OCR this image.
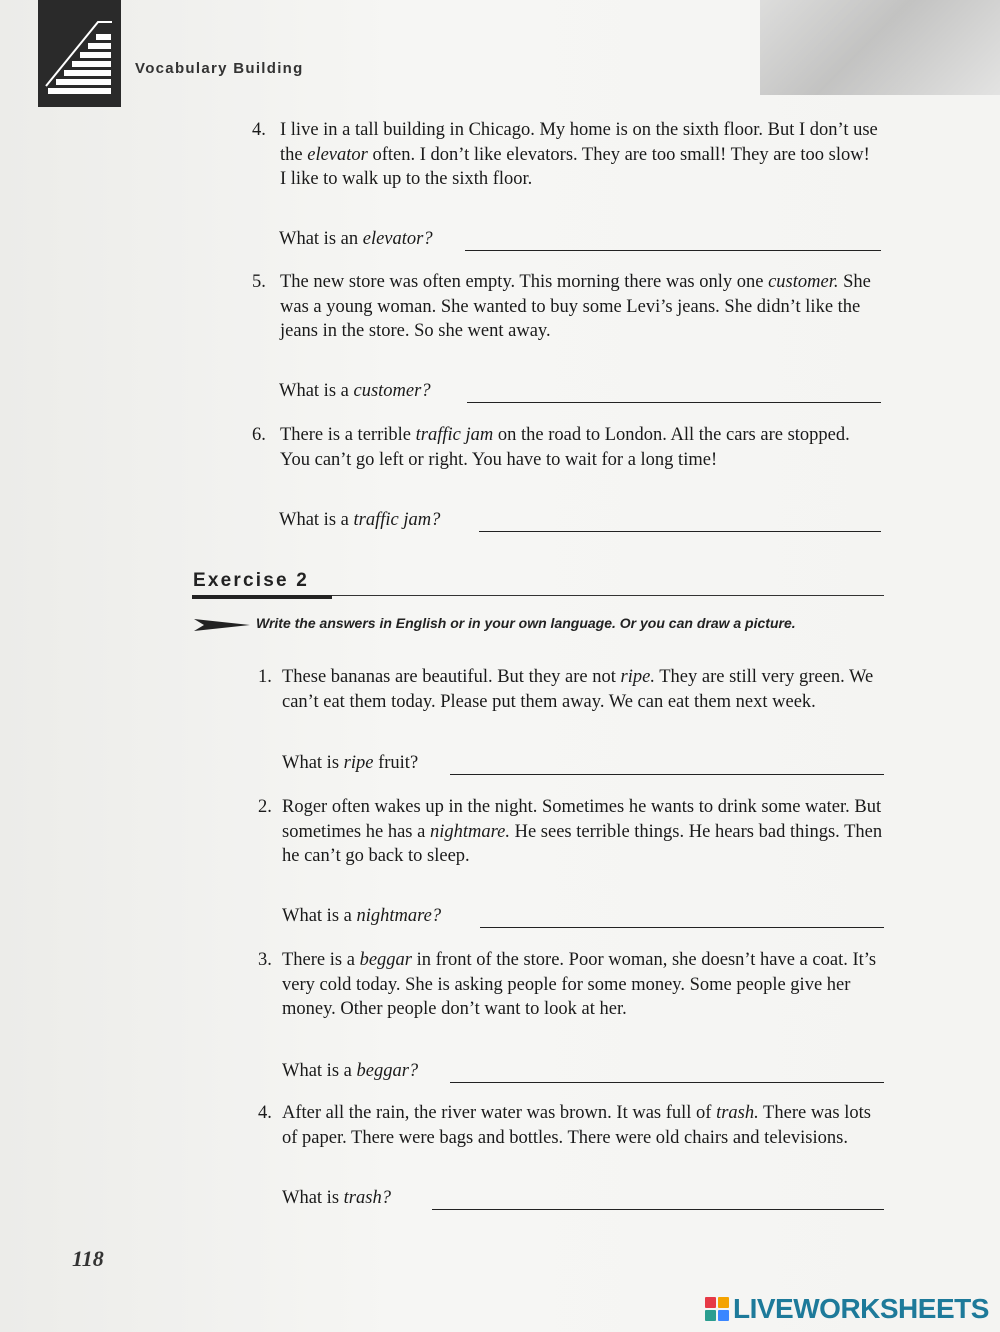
Vocabulary Building
4. I live in a tall building in Chicago. My home is on the sixth floor. But I don’t use the elevator often. I don’t like elevators. They are too small! They are too slow! I like to walk up to the sixth floor.
What is an elevator?
5. The new store was often empty. This morning there was only one customer. She was a young woman. She wanted to buy some Levi’s jeans. She didn’t like the jeans in the store. So she went away.
What is a customer?
6. There is a terrible traffic jam on the road to London. All the cars are stopped. You can’t go left or right. You have to wait for a long time!
What is a traffic jam?
Exercise 2
Write the answers in English or in your own language. Or you can draw a picture.
1. These bananas are beautiful. But they are not ripe. They are still very green. We can’t eat them today. Please put them away. We can eat them next week.
What is ripe fruit?
2. Roger often wakes up in the night. Sometimes he wants to drink some water. But sometimes he has a nightmare. He sees terrible things. He hears bad things. Then he can’t go back to sleep.
What is a nightmare?
3. There is a beggar in front of the store. Poor woman, she doesn’t have a coat. It’s very cold today. She is asking people for some money. Some people give her money. Other people don’t want to look at her.
What is a beggar?
4. After all the rain, the river water was brown. It was full of trash. There was lots of paper. There were bags and bottles. There were old chairs and televisions.
What is trash?
118
LIVEWORKSHEETS
